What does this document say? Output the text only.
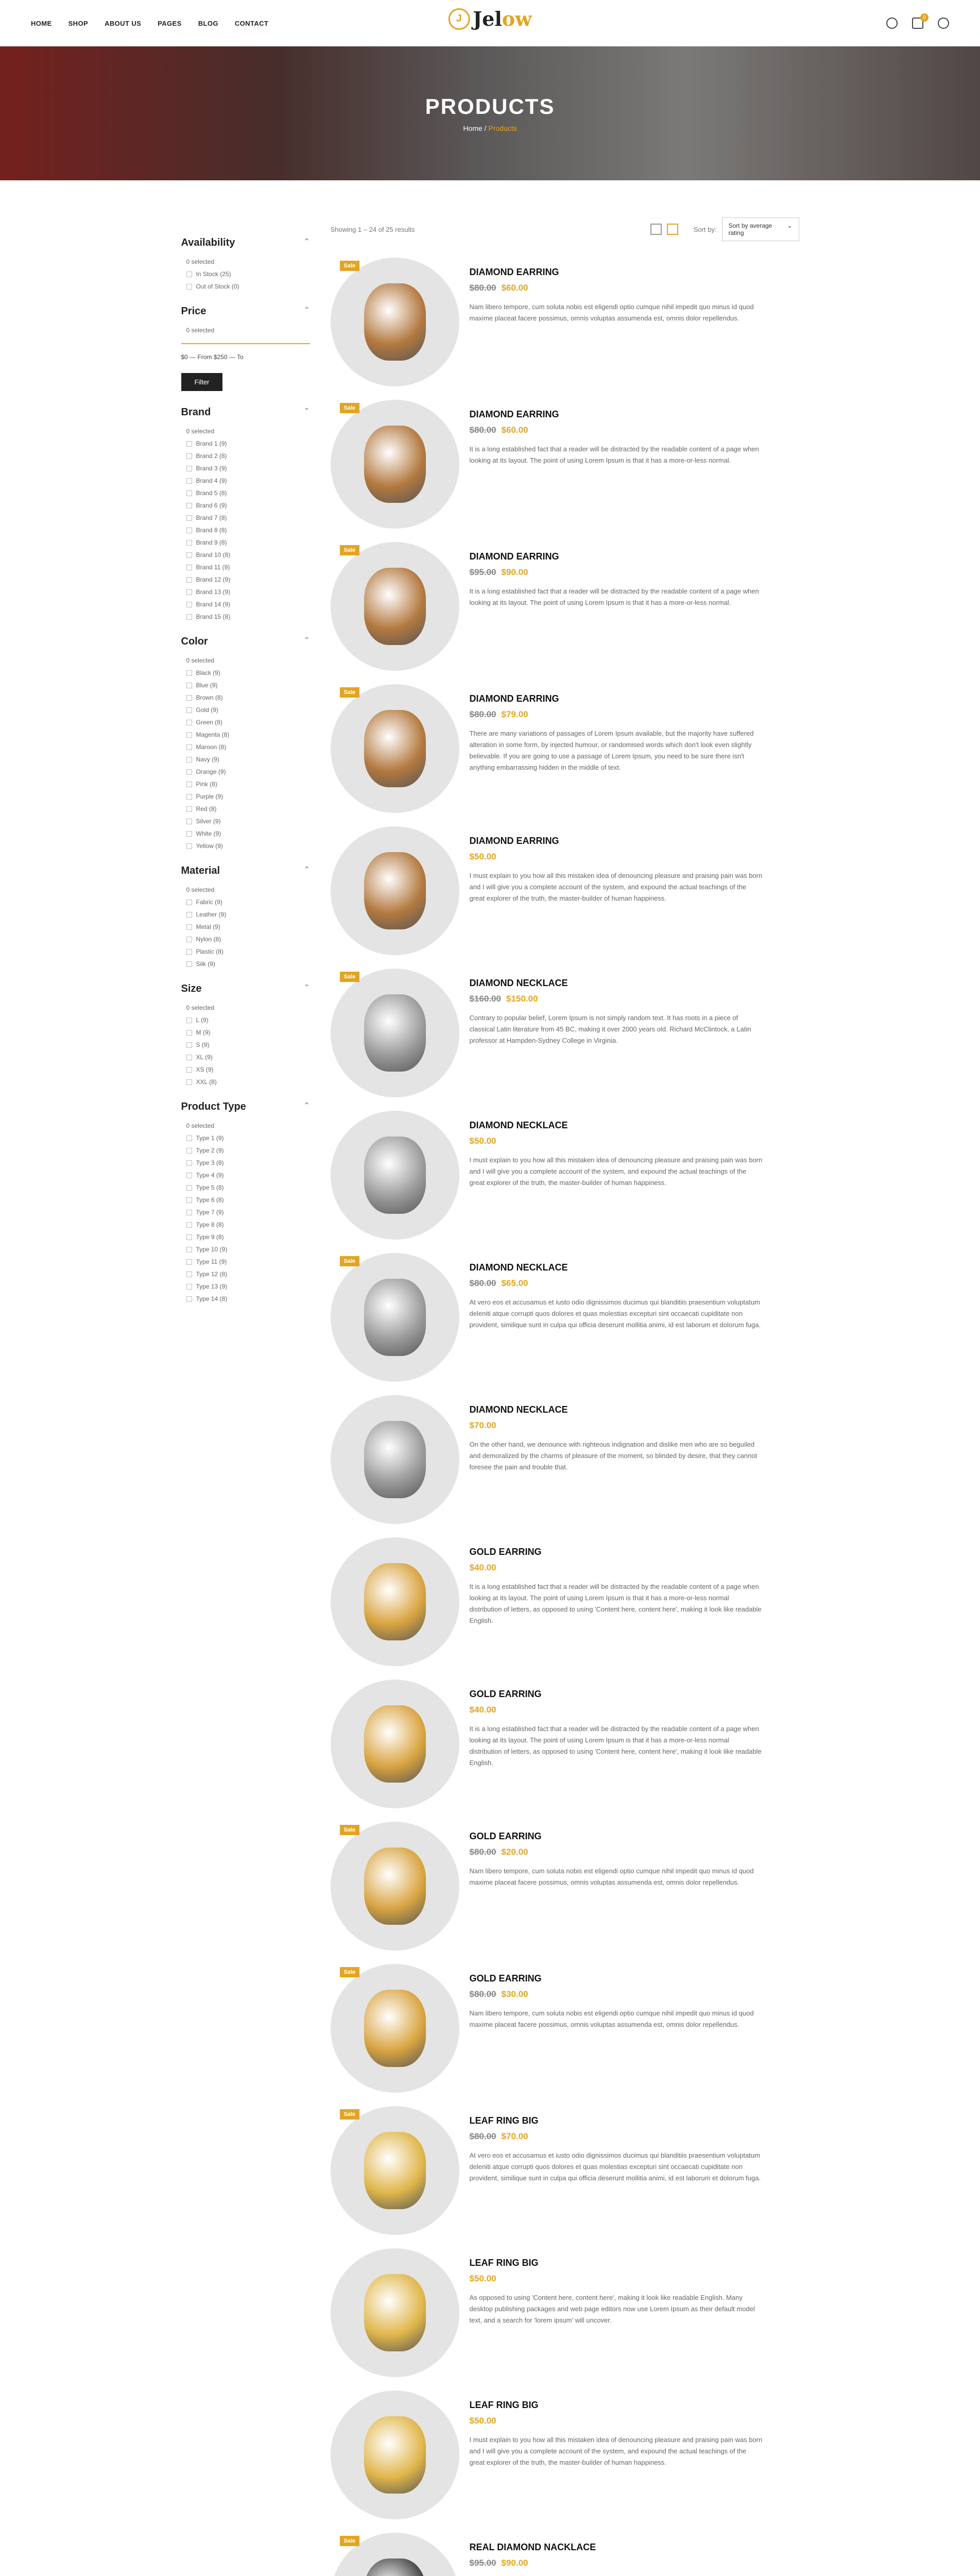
HOME SHOP ABOUT US PAGES BLOG CONTACT	J Jelow	0
PRODUCTS
Home / Products
Availability	⌃
0 selected
In Stock (25)
Out of Stock (0)
Price	⌃
0 selected
$0 — From $250 — To
Filter
Brand	⌃
0 selected
Brand 1 (9)
Brand 2 (8)
Brand 3 (9)
Brand 4 (9)
Brand 5 (8)
Brand 6 (9)
Brand 7 (8)
Brand 8 (8)
Brand 9 (8)
Brand 10 (8)
Brand 11 (9)
Brand 12 (9)
Brand 13 (9)
Brand 14 (9)
Brand 15 (8)
Color	⌃
0 selected
Black (9)
Blue (9)
Brown (8)
Gold (9)
Green (8)
Magenta (8)
Maroon (8)
Navy (9)
Orange (9)
Pink (8)
Purple (9)
Red (8)
Silver (9)
White (9)
Yellow (9)
Material	⌃
0 selected
Fabric (9)
Leather (9)
Metal (9)
Nylon (8)
Plastic (8)
Silk (9)
Size	⌃
0 selected
L (9)
M (9)
S (9)
XL (9)
XS (9)
XXL (8)
Product Type	⌃
0 selected
Type 1 (9)
Type 2 (9)
Type 3 (8)
Type 4 (9)
Type 5 (8)
Type 6 (8)
Type 7 (9)
Type 8 (8)
Type 9 (8)
Type 10 (9)
Type 11 (9)
Type 12 (8)
Type 13 (9)
Type 14 (8)
Showing 1 – 24 of 25 results	Sort by: Sort by average rating
⌄
Sale
DIAMOND EARRING
$80.00 $60.00
Nam libero tempore, cum soluta nobis est eligendi optio cumque nihil impedit quo minus id quod maxime placeat facere possimus, omnis voluptas assumenda est, omnis dolor repellendus.
Sale
DIAMOND EARRING
$80.00 $60.00
It is a long established fact that a reader will be distracted by the readable content of a page when looking at its layout. The point of using Lorem Ipsum is that it has a more-or-less normal.
Sale
DIAMOND EARRING
$95.00 $90.00
It is a long established fact that a reader will be distracted by the readable content of a page when looking at its layout. The point of using Lorem Ipsum is that it has a more-or-less normal.
Sale
DIAMOND EARRING
$80.00 $79.00
There are many variations of passages of Lorem Ipsum available, but the majority have suffered alteration in some form, by injected humour, or randomised words which don't look even slightly believable. If you are going to use a passage of Lorem Ipsum, you need to be sure there isn't anything embarrassing hidden in the middle of text.
DIAMOND EARRING
$50.00
I must explain to you how all this mistaken idea of denouncing pleasure and praising pain was born and I will give you a complete account of the system, and expound the actual teachings of the great explorer of the truth, the master-builder of human happiness.
Sale
DIAMOND NECKLACE
$160.00 $150.00
Contrary to popular belief, Lorem Ipsum is not simply random text. It has roots in a piece of classical Latin literature from 45 BC, making it over 2000 years old. Richard McClintock, a Latin professor at Hampden-Sydney College in Virginia.
DIAMOND NECKLACE
$50.00
I must explain to you how all this mistaken idea of denouncing pleasure and praising pain was born and I will give you a complete account of the system, and expound the actual teachings of the great explorer of the truth, the master-builder of human happiness.
Sale
DIAMOND NECKLACE
$80.00 $65.00
At vero eos et accusamus et iusto odio dignissimos ducimus qui blanditiis praesentium voluptatum deleniti atque corrupti quos dolores et quas molestias excepturi sint occaecati cupiditate non provident, similique sunt in culpa qui officia deserunt mollitia animi, id est laborum et dolorum fuga.
DIAMOND NECKLACE
$70.00
On the other hand, we denounce with righteous indignation and dislike men who are so beguiled and demoralized by the charms of pleasure of the moment, so blinded by desire, that they cannot foresee the pain and trouble that.
GOLD EARRING
$40.00
It is a long established fact that a reader will be distracted by the readable content of a page when looking at its layout. The point of using Lorem Ipsum is that it has a more-or-less normal distribution of letters, as opposed to using 'Content here, content here', making it look like readable English.
GOLD EARRING
$40.00
It is a long established fact that a reader will be distracted by the readable content of a page when looking at its layout. The point of using Lorem Ipsum is that it has a more-or-less normal distribution of letters, as opposed to using 'Content here, content here', making it look like readable English.
Sale
GOLD EARRING
$80.00 $20.00
Nam libero tempore, cum soluta nobis est eligendi optio cumque nihil impedit quo minus id quod maxime placeat facere possimus, omnis voluptas assumenda est, omnis dolor repellendus.
Sale
GOLD EARRING
$80.00 $30.00
Nam libero tempore, cum soluta nobis est eligendi optio cumque nihil impedit quo minus id quod maxime placeat facere possimus, omnis voluptas assumenda est, omnis dolor repellendus.
Sale
LEAF RING BIG
$80.00 $70.00
At vero eos et accusamus et iusto odio dignissimos ducimus qui blanditiis praesentium voluptatum deleniti atque corrupti quos dolores et quas molestias excepturi sint occaecati cupiditate non provident, similique sunt in culpa qui officia deserunt mollitia animi, id est laborum et dolorum fuga.
LEAF RING BIG
$50.00
As opposed to using 'Content here, content here', making it look like readable English. Many desktop publishing packages and web page editors now use Lorem Ipsum as their default model text, and a search for 'lorem ipsum' will uncover.
LEAF RING BIG
$50.00
I must explain to you how all this mistaken idea of denouncing pleasure and praising pain was born and I will give you a complete account of the system, and expound the actual teachings of the great explorer of the truth, the master-builder of human happiness.
Sale
REAL DIAMOND NACKLACE
$95.00 $90.00
